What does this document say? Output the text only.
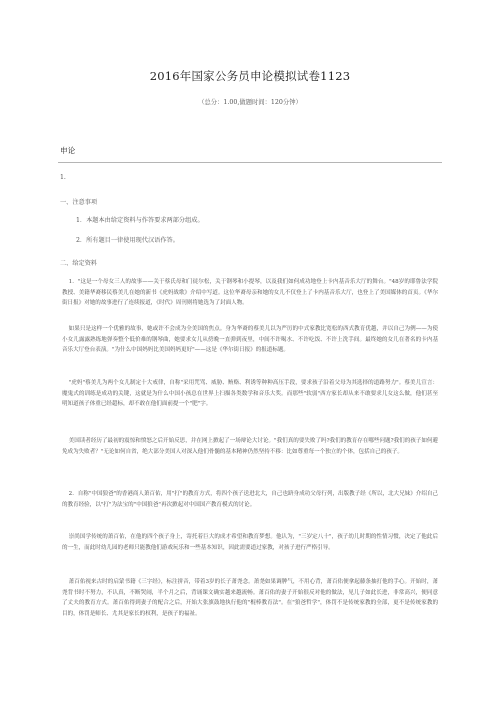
2016年国家公务员申论模拟试卷1123
（总分：1.00,做题时间：120分钟）
申论
1.
一、注意事项
1．本题本由给定资料与作答要求两部分组成。
2．所有题目一律使用现代汉语作答。
二、给定资料

1．"这是一个母女三人的故事——关于蔡氏母和门徒尔松，关于钢琴和小提琴，以及我们如何成功地登上卡内基音乐大厅的舞台。"48岁的耶鲁法学院教授、美籍华裔移民蔡美儿在她的新书《虎妈战歌》介绍中写道。这位华裔母亲和她的女儿不仅登上了卡内基音乐大厅，也登上了美国媒体的首页。《华尔街日报》对她的故事进行了连续报道，《时代》周刊则将她选为了封面人物。

如果只是这样一个优雅的故事，她或许不会成为全美国的焦点。身为华裔的蔡美儿以为严厉的中式家教比宽松的西式教育优越，并以自己为例——为使小女儿露露熟练地弹奏整个低价难的钢琴曲，她要求女儿从傍晚一直弹到夜里，中间不许喝水、不许吃饭、不许上洗手间。最终她的女儿在著名的卡内基音乐大厅登台表演。"为什么中国妈妈比美国妈妈更好"——这是《华尔街日报》的报道标题。

"虎妈"蔡美儿为两个女儿制定十大戒律，自称"采用咒骂、威胁、贿赂、利诱等种种高压手段，要求孩子沿着父母为其选择的道路努力"。蔡美儿宣言：魔鬼式的训练是成功的关键，这就是为什么中国小孩总在世界上扫描各类数学和音乐大奖。而那些"软弱"西方家长却从来不敢要求儿女这么做，他们甚至明知道孩子体重已经超标，却不敢在他们面前提一个"肥"字。

美国读者经历了最初的震惊和愤怒之后开始反思，并在网上掀起了一场辩论大讨论。"我们真的要失败了吗?我们的教育存在哪些问题?我们的孩子如何避免成为失败者？"无论如何自省，绝大部分美国人对深入他们骨髓的基本精神仍然坚持不移：比如尊重每一个独立的个体，包括自己的孩子。

2．自称"中国狼爸"的香港商人萧百佑，用"打"的教育方式，将四个孩子送进北大，自己也跻身成功父母行列，出版教子经《所以，北大兄妹》介绍自己的教育经验，以"打"为法宝的"中国狼爸"再次掀起对中国国产教育模式的讨论。

崇尚国学传统的萧百佑，在他的四个孩子身上，寄托着巨大的成才希望和教育梦想。他认为，"三岁定八十"，孩子幼儿时期的性情习惯，决定了他此后的一生，而此时幼儿园的老师只能教他们游戏玩乐和一些基本知识，因此需要道过家教，对孩子进行严格引导。

萧百佑视来古时的启蒙书籍《三字经》，标注拼音，带着3岁的长子萧尧念。萧尧如果调脾气，不用心背，萧百佑便拿起藤条抽打他的手心。开始时，萧尧背书时不努力，不认真，不断哭闹，半个月之后，背诵课文确实越来越流畅。萧百佑的妻子开始很反对他的做法，见儿子如此长进，非常高兴，便同意了丈夫的教育方式。萧百佑得到妻子的配合之后，开始大张旗鼓地执行他的"棍棒教育法"。在"狼爸哲学"，体罚不是传统家教的全部，更不是传统家教的目的，体罚是师长、尤其是家长的权利，是孩子的福祉。
